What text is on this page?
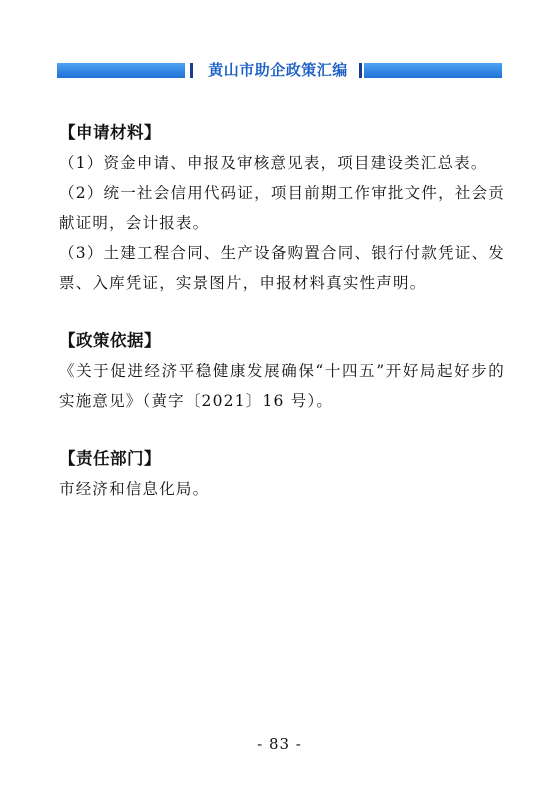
黄山市助企政策汇编
【申请材料】

（1）资金申请、申报及审核意见表，项目建设类汇总表。

（2）统一社会信用代码证，项目前期工作审批文件，社会贡献证明，会计报表。

（3）土建工程合同、生产设备购置合同、银行付款凭证、发票、入库凭证，实景图片，申报材料真实性声明。

【政策依据】

《关于促进经济平稳健康发展确保“十四五”开好局起好步的实施意见》（黄字〔2021〕16 号）。

【责任部门】

市经济和信息化局。

- 83 -
